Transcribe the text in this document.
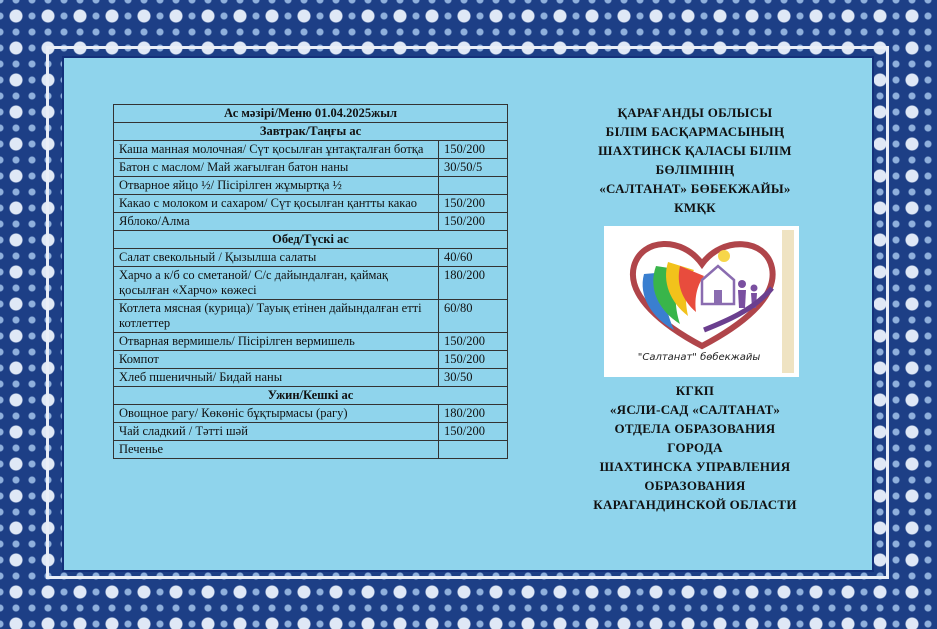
Ас мәзірі/Меню 01.04.2025жыл	
Завтрак/Таңғы ас	
Каша манная молочная/ Сүт қосылған ұнтақталған ботқа	150/200
Батон с маслом/ Май жағылған батон наны	30/50/5
Отварное яйцо ½/ Пісірілген жұмыртқа ½	
Какао с молоком и сахаром/ Сүт қосылған қантты какао	150/200
Яблоко/Алма	150/200
Обед/Түскі ас	
Салат свекольный / Қызылша салаты	40/60
Харчо а к/б со сметаной/ С/с дайындалған, қаймақ қосылған «Харчо» көжесі	180/200
Котлета мясная (курица)/ Тауық етінен дайындалған етті котлеттер	60/80
Отварная вермишель/ Пісірілген вермишель	150/200
Компот	150/200
Хлеб пшеничный/ Бидай наны	30/50
Ужин/Кешкі ас	
Овощное рагу/ Көкөніс бұқтырмасы (рагу)	180/200
Чай сладкий / Тәтті шәй	150/200
Печенье	
ҚАРАҒАНДЫ ОБЛЫСЫ
БІЛІМ БАСҚАРМАСЫНЫҢ
ШАХТИНСК ҚАЛАСЫ БІЛІМ
БӨЛІМІНІҢ
«САЛТАНАТ» БӨБЕКЖАЙЫ»
КМҚК
"Салтанат" бөбекжайы
КГКП
«ЯСЛИ-САД «САЛТАНАТ»
ОТДЕЛА ОБРАЗОВАНИЯ
ГОРОДА
ШАХТИНСКА УПРАВЛЕНИЯ
ОБРАЗОВАНИЯ
КАРАГАНДИНСКОЙ ОБЛАСТИ
